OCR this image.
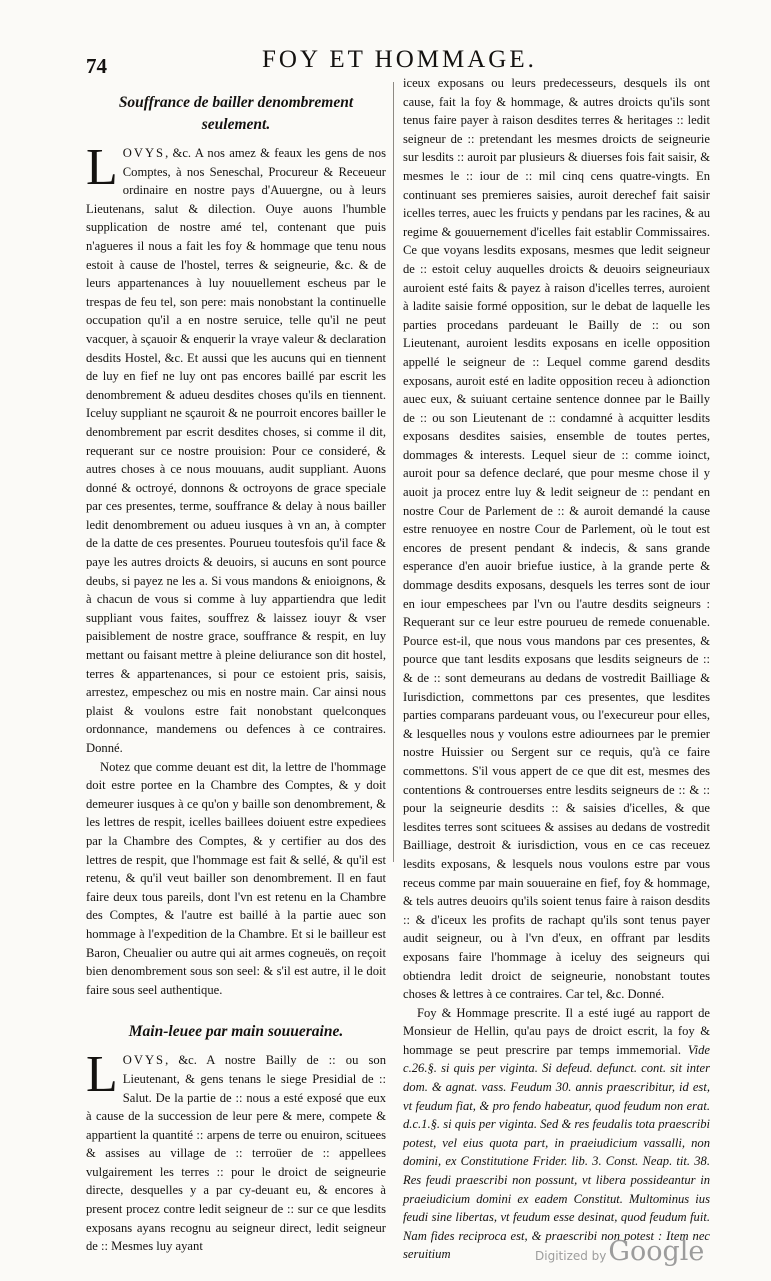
74	FOY ET HOMMAGE.
Souffrance de bailler denombrement seulement.

LOVYS, &c. A nos amez & feaux les gens de nos Comptes, à nos Seneschal, Procureur & Receueur ordinaire en nostre pays d'Auuergne, ou à leurs Lieutenans, salut & dilection. Ouye auons l'humble supplication de nostre amé tel, contenant que puis n'agueres il nous a fait les foy & hommage que tenu nous estoit à cause de l'hostel, terres & seigneurie, &c. & de leurs appartenances à luy nouuellement escheus par le trespas de feu tel, son pere: mais nonobstant la continuelle occupation qu'il a en nostre seruice, telle qu'il ne peut vacquer, à sçauoir & enquerir la vraye valeur & declaration desdits Hostel, &c. Et aussi que les aucuns qui en tiennent de luy en fief ne luy ont pas encores baillé par escrit les denombrement & adueu desdites choses qu'ils en tiennent. Iceluy suppliant ne sçauroit & ne pourroit encores bailler le denombrement par escrit desdites choses, si comme il dit, requerant sur ce nostre prouision: Pour ce consideré, & autres choses à ce nous mouuans, audit suppliant. Auons donné & octroyé, donnons & octroyons de grace speciale par ces presentes, terme, souffrance & delay à nous bailler ledit denombrement ou adueu iusques à vn an, à compter de la datte de ces presentes. Pourueu toutesfois qu'il face & paye les autres droicts & deuoirs, si aucuns en sont pource deubs, si payez ne les a. Si vous mandons & enioignons, & à chacun de vous si comme à luy appartiendra que ledit suppliant vous faites, souffrez & laissez iouyr & vser paisiblement de nostre grace, souffrance & respit, en luy mettant ou faisant mettre à pleine deliurance son dit hostel, terres & appartenances, si pour ce estoient pris, saisis, arrestez, empeschez ou mis en nostre main. Car ainsi nous plaist & voulons estre fait nonobstant quelconques ordonnance, mandemens ou defences à ce contraires. Donné.

Notez que comme deuant est dit, la lettre de l'hommage doit estre portee en la Chambre des Comptes, & y doit demeurer iusques à ce qu'on y baille son denombrement, & les lettres de respit, icelles baillees doiuent estre expediees par la Chambre des Comptes, & y certifier au dos des lettres de respit, que l'hommage est fait & sellé, & qu'il est retenu, & qu'il veut bailler son denombrement. Il en faut faire deux tous pareils, dont l'vn est retenu en la Chambre des Comptes, & l'autre est baillé à la partie auec son hommage à l'expedition de la Chambre. Et si le bailleur est Baron, Cheualier ou autre qui ait armes cogneuës, on reçoit bien denombrement sous son seel: & s'il est autre, il le doit faire sous seel authentique.

Main-leuee par main souueraine.

LOVYS, &c. A nostre Bailly de :: ou son Lieutenant, & gens tenans le siege Presidial de :: Salut. De la partie de :: nous a esté exposé que eux à cause de la succession de leur pere & mere, compete & appartient la quantité :: arpens de terre ou enuiron, scituees & assises au village de :: terroüer de :: appellees vulgairement les terres :: pour le droict de seigneurie directe, desquelles y a par cy-deuant eu, & encores à present procez contre ledit seigneur de :: sur ce que lesdits exposans ayans recognu au seigneur direct, ledit seigneur de :: Mesmes luy ayant

iceux exposans ou leurs predecesseurs, desquels ils ont cause, fait la foy & hommage, & autres droicts qu'ils sont tenus faire payer à raison desdites terres & heritages :: ledit seigneur de :: pretendant les mesmes droicts de seigneurie sur lesdits :: auroit par plusieurs & diuerses fois fait saisir, & mesmes le :: iour de :: mil cinq cens quatre-vingts. En continuant ses premieres saisies, auroit derechef fait saisir icelles terres, auec les fruicts y pendans par les racines, & au regime & gouuernement d'icelles fait establir Commissaires. Ce que voyans lesdits exposans, mesmes que ledit seigneur de :: estoit celuy auquelles droicts & deuoirs seigneuriaux auroient esté faits & payez à raison d'icelles terres, auroient à ladite saisie formé opposition, sur le debat de laquelle les parties procedans pardeuant le Bailly de :: ou son Lieutenant, auroient lesdits exposans en icelle opposition appellé le seigneur de :: Lequel comme garend desdits exposans, auroit esté en ladite opposition receu à adionction auec eux, & suiuant certaine sentence donnee par le Bailly de :: ou son Lieutenant de :: condamné à acquitter lesdits exposans desdites saisies, ensemble de toutes pertes, dommages & interests. Lequel sieur de :: comme ioinct, auroit pour sa defence declaré, que pour mesme chose il y auoit ja procez entre luy & ledit seigneur de :: pendant en nostre Cour de Parlement de :: & auroit demandé la cause estre renuoyee en nostre Cour de Parlement, où le tout est encores de present pendant & indecis, & sans grande esperance d'en auoir briefue iustice, à la grande perte & dommage desdits exposans, desquels les terres sont de iour en iour empeschees par l'vn ou l'autre desdits seigneurs : Requerant sur ce leur estre pourueu de remede conuenable. Pource est-il, que nous vous mandons par ces presentes, & pource que tant lesdits exposans que lesdits seigneurs de :: & de :: sont demeurans au dedans de vostredit Bailliage & Iurisdiction, commettons par ces presentes, que lesdites parties comparans pardeuant vous, ou l'execureur pour elles, & lesquelles nous y voulons estre adiournees par le premier nostre Huissier ou Sergent sur ce requis, qu'à ce faire commettons. S'il vous appert de ce que dit est, mesmes des contentions & controuerses entre lesdits seigneurs de :: & :: pour la seigneurie desdits :: & saisies d'icelles, & que lesdites terres sont scituees & assises au dedans de vostredit Bailliage, destroit & iurisdiction, vous en ce cas receuez lesdits exposans, & lesquels nous voulons estre par vous receus comme par main souueraine en fief, foy & hommage, & tels autres deuoirs qu'ils soient tenus faire à raison desdits :: & d'iceux les profits de rachapt qu'ils sont tenus payer audit seigneur, ou à l'vn d'eux, en offrant par lesdits exposans faire l'hommage à iceluy des seigneurs qui obtiendra ledit droict de seigneurie, nonobstant toutes choses & lettres à ce contraires. Car tel, &c. Donné.

Foy & Hommage prescrite. Il a esté iugé au rapport de Monsieur de Hellin, qu'au pays de droict escrit, la foy & hommage se peut prescrire par temps immemorial. Vide c.26.§. si quis per viginta. Si defeud. defunct. cont. sit inter dom. & agnat. vass. Feudum 30. annis praescribitur, id est, vt feudum fiat, & pro fendo habeatur, quod feudum non erat. d.c.1.§. si quis per viginta. Sed & res feudalis tota praescribi potest, vel eius quota part, in praeiudicium vassalli, non domini, ex Constitutione Frider. lib. 3. Const. Neap. tit. 38. Res feudi praescribi non possunt, vt libera possideantur in praeiudicium domini ex eadem Constitut. Multominus ius feudi sine libertas, vt feudum esse desinat, quod feudum fuit. Nam fides reciproca est, & praescribi non potest : Item nec seruitium	Digitized byGoogle
